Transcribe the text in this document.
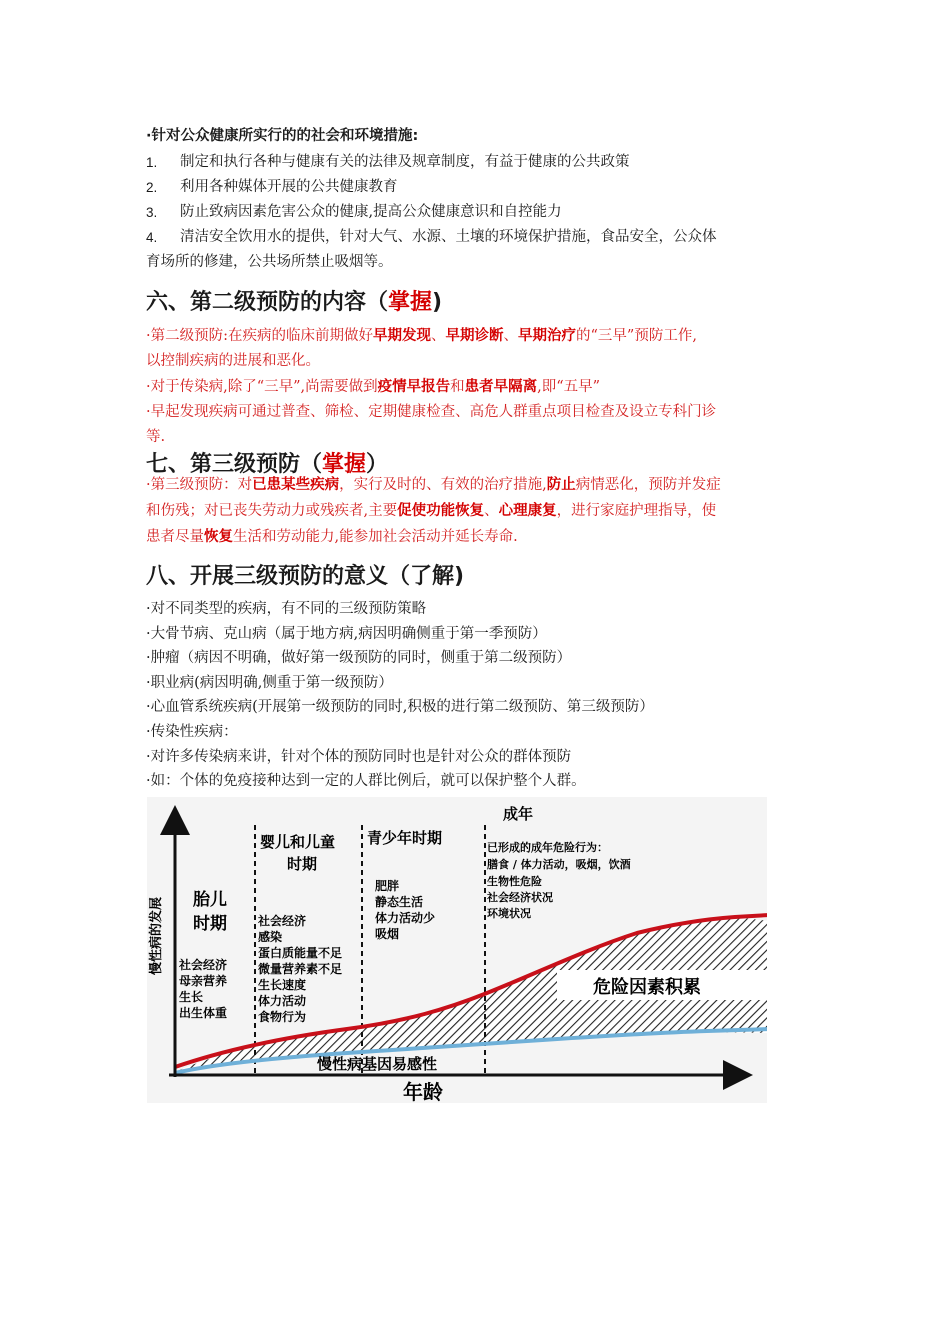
·针对公众健康所实行的的社会和环境措施:
1.	制定和执行各种与健康有关的法律及规章制度，有益于健康的公共政策
2.	利用各种媒体开展的公共健康教育
3.	防止致病因素危害公众的健康,提高公众健康意识和自控能力
4.	清洁安全饮用水的提供，针对大气、水源、土壤的环境保护措施，食品安全，公众体
育场所的修建，公共场所禁止吸烟等。
六、第二级预防的内容（掌握)

·第二级预防:在疾病的临床前期做好早期发现、早期诊断、早期治疗的“三早”预防工作,
以控制疾病的进展和恶化。

·对于传染病,除了“三早”,尚需要做到疫情早报告和患者早隔离,即“五早”

·早起发现疾病可通过普查、筛检、定期健康检查、高危人群重点项目检查及设立专科门诊
等.

七、第三级预防（掌握）

·第三级预防：对已患某些疾病，实行及时的、有效的治疗措施,防止病情恶化，预防并发症
和伤残；对已丧失劳动力或残疾者,主要促使功能恢复、心理康复，进行家庭护理指导，使
患者尽量恢复生活和劳动能力,能参加社会活动并延长寿命.

八、开展三级预防的意义（了解)

·对不同类型的疾病，有不同的三级预防策略

·大骨节病、克山病（属于地方病,病因明确侧重于第一季预防）

·肿瘤（病因不明确，做好第一级预防的同时，侧重于第二级预防）

·职业病(病因明确,侧重于第一级预防）

·心血管系统疾病(开展第一级预防的同时,积极的进行第二级预防、第三级预防）

·传染性疾病：

·对许多传染病来讲，针对个体的预防同时也是针对公众的群体预防

·如：个体的免疫接种达到一定的人群比例后，就可以保护整个人群。

慢性病的发展 胎儿
时期
社会经济
母亲营养
生长
出生体重
婴儿和儿童
时期
社会经济
感染
蛋白质能量不足
微量营养素不足
生长速度
体力活动
食物行为
青少年时期
肥胖
静态生活
体力活动少
吸烟
成年
已形成的成年危险行为：
膳食 / 体力活动，吸烟，饮酒
生物性危险
社会经济状况
环境状况
危险因素积累
慢性病基因易感性
年龄
